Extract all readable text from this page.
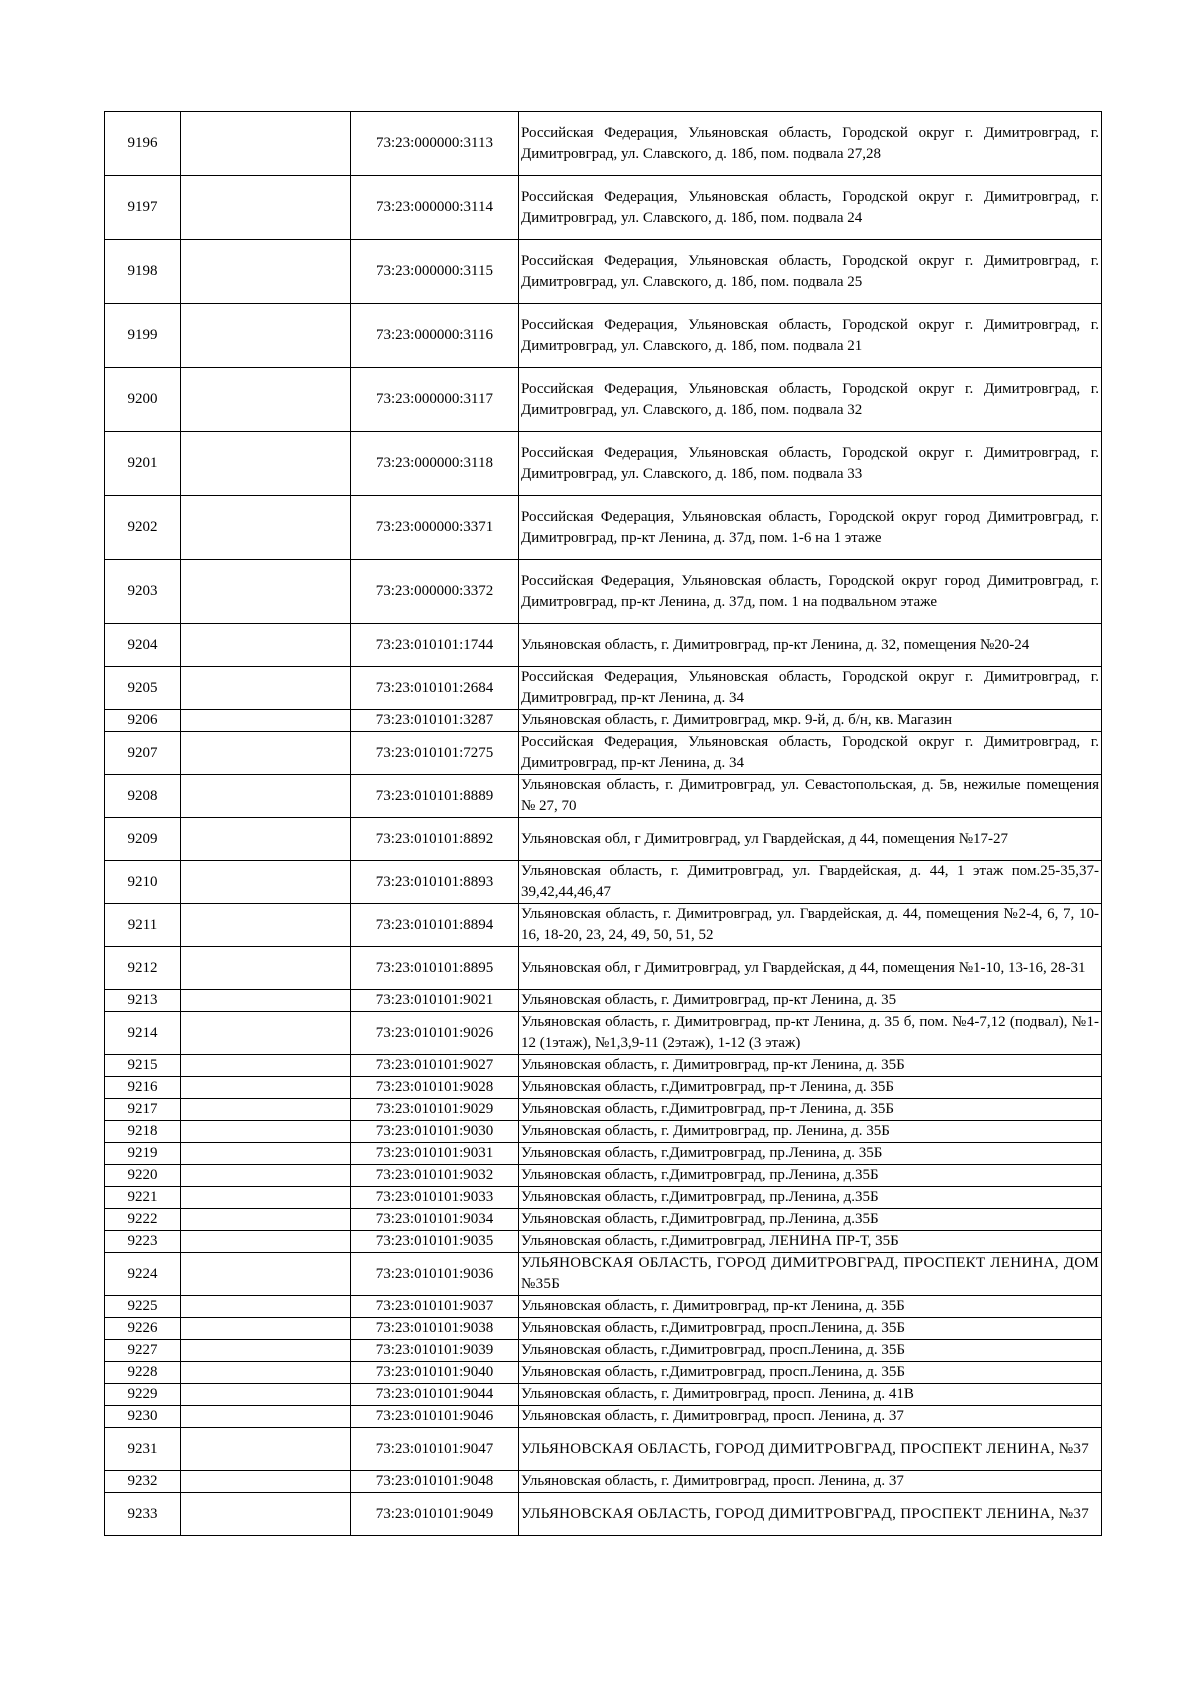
9196		73:23:000000:3113	Российская Федерация, Ульяновская область, Городской округ г. Димитровград, г. Димитровград, ул. Славского, д. 18б, пом. подвала 27,28
9197		73:23:000000:3114	Российская Федерация, Ульяновская область, Городской округ г. Димитровград, г. Димитровград, ул. Славского, д. 18б, пом. подвала 24
9198		73:23:000000:3115	Российская Федерация, Ульяновская область, Городской округ г. Димитровград, г. Димитровград, ул. Славского, д. 18б, пом. подвала 25
9199		73:23:000000:3116	Российская Федерация, Ульяновская область, Городской округ г. Димитровград, г. Димитровград, ул. Славского, д. 18б, пом. подвала 21
9200		73:23:000000:3117	Российская Федерация, Ульяновская область, Городской округ г. Димитровград, г. Димитровград, ул. Славского, д. 18б, пом. подвала 32
9201		73:23:000000:3118	Российская Федерация, Ульяновская область, Городской округ г. Димитровград, г. Димитровград, ул. Славского, д. 18б, пом. подвала 33
9202		73:23:000000:3371	Российская Федерация, Ульяновская область, Городской округ город Димитровград, г. Димитровград, пр-кт Ленина, д. 37д, пом. 1-6 на 1 этаже
9203		73:23:000000:3372	Российская Федерация, Ульяновская область, Городской округ город Димитровград, г. Димитровград, пр-кт Ленина, д. 37д, пом. 1 на подвальном этаже
9204		73:23:010101:1744	Ульяновская область, г. Димитровград, пр-кт Ленина, д. 32, помещения №20-24
9205		73:23:010101:2684	Российская Федерация, Ульяновская область, Городской округ г. Димитровград, г. Димитровград, пр-кт Ленина, д. 34
9206		73:23:010101:3287	Ульяновская область, г. Димитровград, мкр. 9-й, д. б/н, кв. Магазин
9207		73:23:010101:7275	Российская Федерация, Ульяновская область, Городской округ г. Димитровград, г. Димитровград, пр-кт Ленина, д. 34
9208		73:23:010101:8889	Ульяновская область, г. Димитровград, ул. Севастопольская, д. 5в, нежилые помещения № 27, 70
9209		73:23:010101:8892	Ульяновская обл, г Димитровград, ул Гвардейская, д 44, помещения №17-27
9210		73:23:010101:8893	Ульяновская область, г. Димитровград, ул. Гвардейская, д. 44, 1 этаж пом.25-35,37-39,42,44,46,47
9211		73:23:010101:8894	Ульяновская область, г. Димитровград, ул. Гвардейская, д. 44, помещения №2-4, 6, 7, 10-16, 18-20, 23, 24, 49, 50, 51, 52
9212		73:23:010101:8895	Ульяновская обл, г Димитровград, ул Гвардейская, д 44, помещения №1-10, 13-16, 28-31
9213		73:23:010101:9021	Ульяновская область, г. Димитровград, пр-кт Ленина, д. 35
9214		73:23:010101:9026	Ульяновская область, г. Димитровград, пр-кт Ленина, д. 35 б, пом. №4-7,12 (подвал), №1-12 (1этаж), №1,3,9-11 (2этаж), 1-12 (3 этаж)
9215		73:23:010101:9027	Ульяновская область, г. Димитровград, пр-кт Ленина, д. 35Б
9216		73:23:010101:9028	Ульяновская область, г.Димитровград, пр-т Ленина, д. 35Б
9217		73:23:010101:9029	Ульяновская область, г.Димитровград, пр-т Ленина, д. 35Б
9218		73:23:010101:9030	Ульяновская область, г. Димитровград, пр. Ленина, д. 35Б
9219		73:23:010101:9031	Ульяновская область, г.Димитровград, пр.Ленина, д. 35Б
9220		73:23:010101:9032	Ульяновская область, г.Димитровград, пр.Ленина, д.35Б
9221		73:23:010101:9033	Ульяновская область, г.Димитровград, пр.Ленина, д.35Б
9222		73:23:010101:9034	Ульяновская область, г.Димитровград, пр.Ленина, д.35Б
9223		73:23:010101:9035	Ульяновская область, г.Димитровград, ЛЕНИНА ПР-Т, 35Б
9224		73:23:010101:9036	УЛЬЯНОВСКАЯ ОБЛАСТЬ, ГОРОД ДИМИТРОВГРАД, ПРОСПЕКТ ЛЕНИНА, ДОМ №35Б
9225		73:23:010101:9037	Ульяновская область, г. Димитровград, пр-кт Ленина, д. 35Б
9226		73:23:010101:9038	Ульяновская область, г.Димитровград, просп.Ленина, д. 35Б
9227		73:23:010101:9039	Ульяновская область, г.Димитровград, просп.Ленина, д. 35Б
9228		73:23:010101:9040	Ульяновская область, г.Димитровград, просп.Ленина, д. 35Б
9229		73:23:010101:9044	Ульяновская область, г. Димитровград, просп. Ленина, д. 41В
9230		73:23:010101:9046	Ульяновская область, г. Димитровград, просп. Ленина, д. 37
9231		73:23:010101:9047	УЛЬЯНОВСКАЯ ОБЛАСТЬ, ГОРОД ДИМИТРОВГРАД, ПРОСПЕКТ ЛЕНИНА, №37
9232		73:23:010101:9048	Ульяновская область, г. Димитровград, просп. Ленина, д. 37
9233		73:23:010101:9049	УЛЬЯНОВСКАЯ ОБЛАСТЬ, ГОРОД ДИМИТРОВГРАД, ПРОСПЕКТ ЛЕНИНА, №37
